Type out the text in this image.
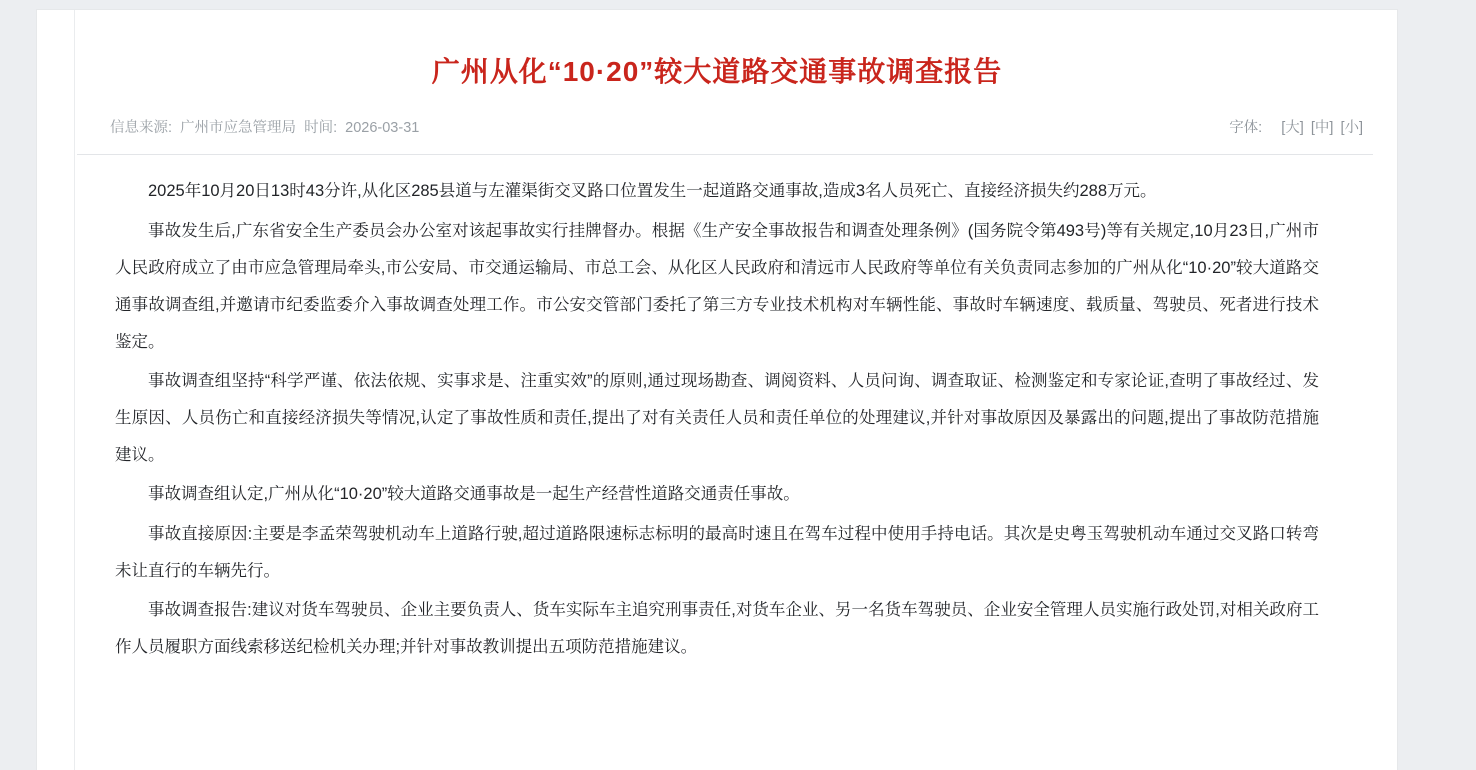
广州从化“10·20”较大道路交通事故调查报告
信息来源: 广州市应急管理局 时间: 2026-03-31	字体: [大] [中] [小]

2025年10月20日13时43分许,从化区285县道与左灌渠街交叉路口位置发生一起道路交通事故,造成3名人员死亡、直接经济损失约288万元。

事故发生后,广东省安全生产委员会办公室对该起事故实行挂牌督办。根据《生产安全事故报告和调查处理条例》(国务院令第493号)等有关规定,10月23日,广州市人民政府成立了由市应急管理局牵头,市公安局、市交通运输局、市总工会、从化区人民政府和清远市人民政府等单位有关负责同志参加的广州从化“10·20”较大道路交通事故调查组,并邀请市纪委监委介入事故调查处理工作。市公安交管部门委托了第三方专业技术机构对车辆性能、事故时车辆速度、载质量、驾驶员、死者进行技术鉴定。

事故调查组坚持“科学严谨、依法依规、实事求是、注重实效”的原则,通过现场勘查、调阅资料、人员问询、调查取证、检测鉴定和专家论证,查明了事故经过、发生原因、人员伤亡和直接经济损失等情况,认定了事故性质和责任,提出了对有关责任人员和责任单位的处理建议,并针对事故原因及暴露出的问题,提出了事故防范措施建议。

事故调查组认定,广州从化“10·20”较大道路交通事故是一起生产经营性道路交通责任事故。

事故直接原因:主要是李孟荣驾驶机动车上道路行驶,超过道路限速标志标明的最高时速且在驾车过程中使用手持电话。其次是史粤玉驾驶机动车通过交叉路口转弯未让直行的车辆先行。

事故调查报告:建议对货车驾驶员、企业主要负责人、货车实际车主追究刑事责任,对货车企业、另一名货车驾驶员、企业安全管理人员实施行政处罚,对相关政府工作人员履职方面线索移送纪检机关办理;并针对事故教训提出五项防范措施建议。
